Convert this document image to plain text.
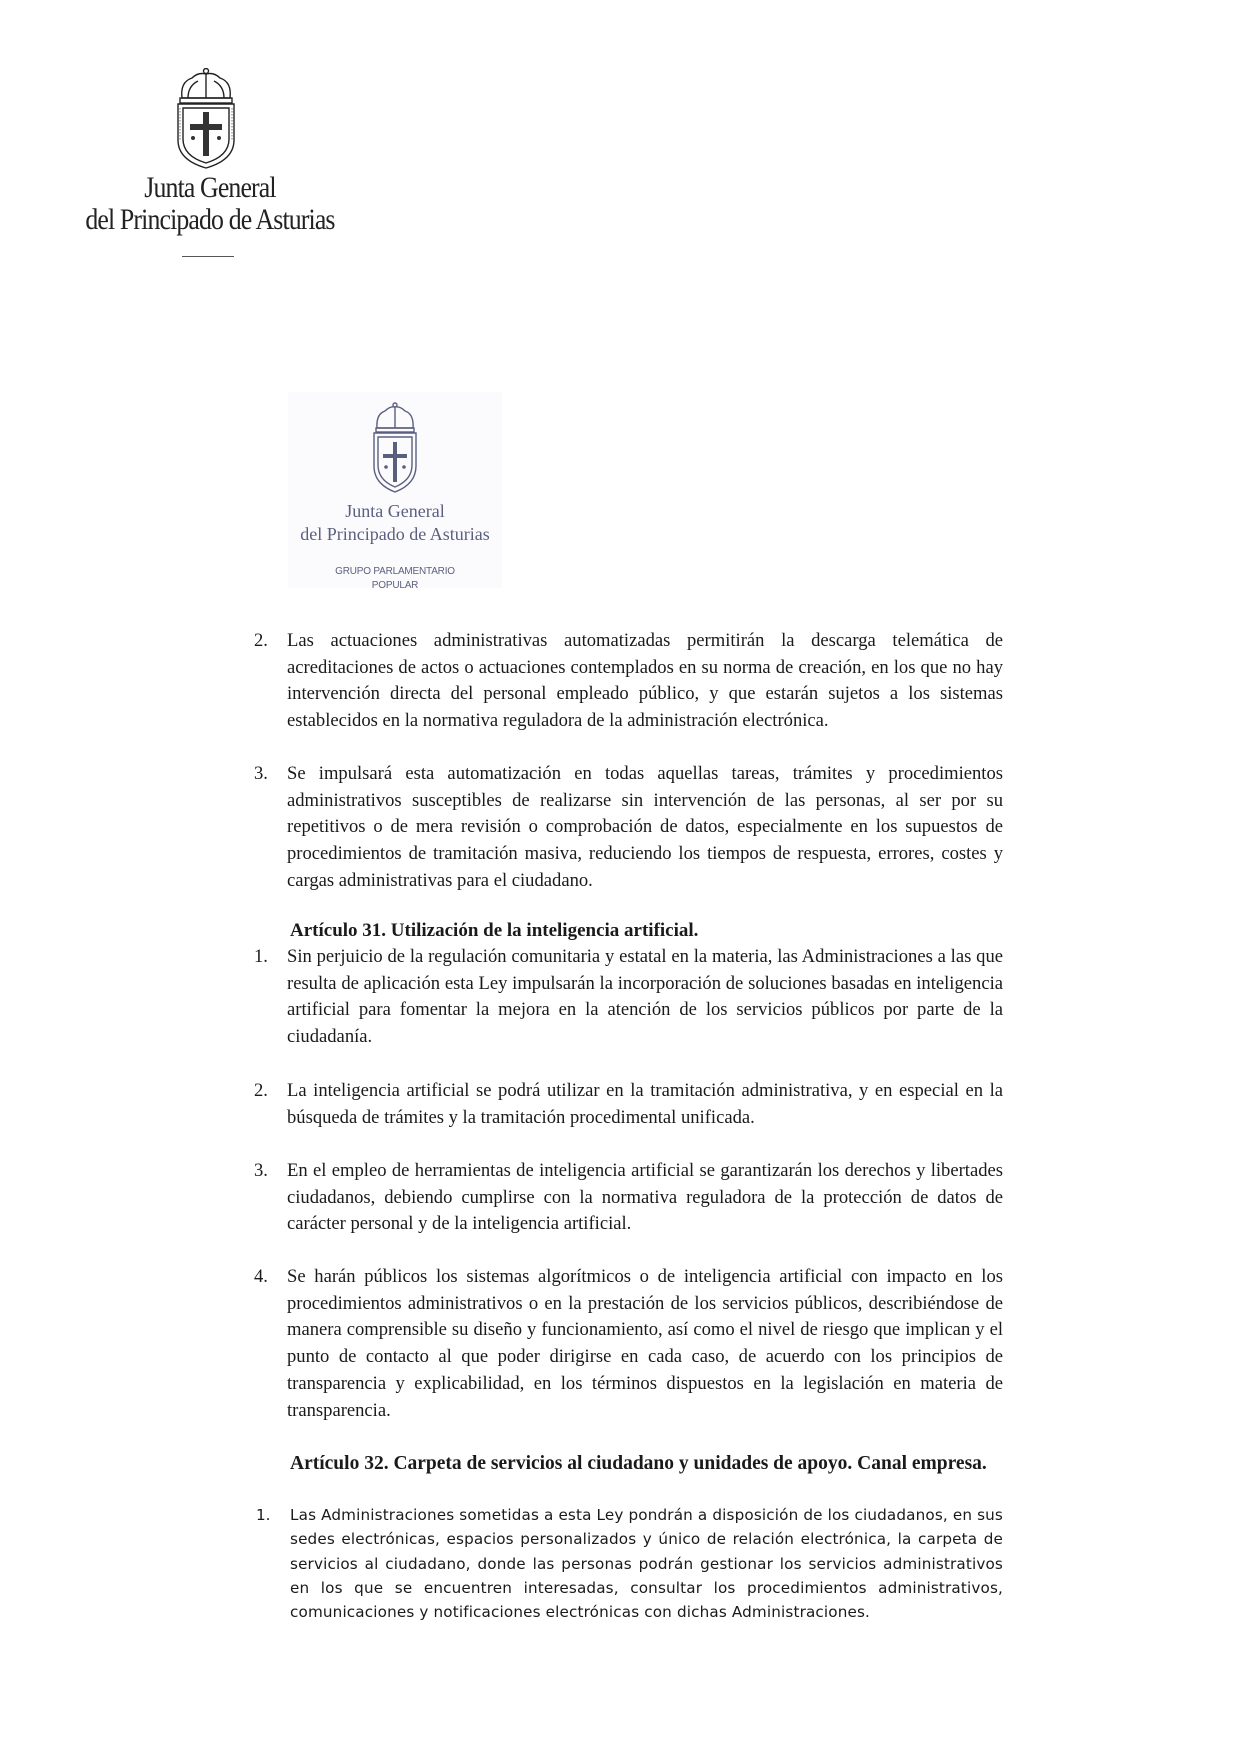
Junta General
del Principado de Asturias
Junta General
del Principado de Asturias
GRUPO PARLAMENTARIO
POPULAR
2. Las actuaciones administrativas automatizadas permitirán la descarga telemática de acreditaciones de actos o actuaciones contemplados en su norma de creación, en los que no hay intervención directa del personal empleado público, y que estarán sujetos a los sistemas establecidos en la normativa reguladora de la administración electrónica.
3. Se impulsará esta automatización en todas aquellas tareas, trámites y procedimientos administrativos susceptibles de realizarse sin intervención de las personas, al ser por su repetitivos o de mera revisión o comprobación de datos, especialmente en los supuestos de procedimientos de tramitación masiva, reduciendo los tiempos de respuesta, errores, costes y cargas administrativas para el ciudadano.
Artículo 31. Utilización de la inteligencia artificial.
1. Sin perjuicio de la regulación comunitaria y estatal en la materia, las Administraciones a las que resulta de aplicación esta Ley impulsarán la incorporación de soluciones basadas en inteligencia artificial para fomentar la mejora en la atención de los servicios públicos por parte de la ciudadanía.
2. La inteligencia artificial se podrá utilizar en la tramitación administrativa, y en especial en la búsqueda de trámites y la tramitación procedimental unificada.
3. En el empleo de herramientas de inteligencia artificial se garantizarán los derechos y libertades ciudadanos, debiendo cumplirse con la normativa reguladora de la protección de datos de carácter personal y de la inteligencia artificial.
4. Se harán públicos los sistemas algorítmicos o de inteligencia artificial con impacto en los procedimientos administrativos o en la prestación de los servicios públicos, describiéndose de manera comprensible su diseño y funcionamiento, así como el nivel de riesgo que implican y el punto de contacto al que poder dirigirse en cada caso, de acuerdo con los principios de transparencia y explicabilidad, en los términos dispuestos en la legislación en materia de transparencia.
Artículo 32. Carpeta de servicios al ciudadano y unidades de apoyo. Canal empresa.
1. Las Administraciones sometidas a esta Ley pondrán a disposición de los ciudadanos, en sus sedes electrónicas, espacios personalizados y único de relación electrónica, la carpeta de servicios al ciudadano, donde las personas podrán gestionar los servicios administrativos en los que se encuentren interesadas, consultar los procedimientos administrativos, comunicaciones y notificaciones electrónicas con dichas Administraciones.
